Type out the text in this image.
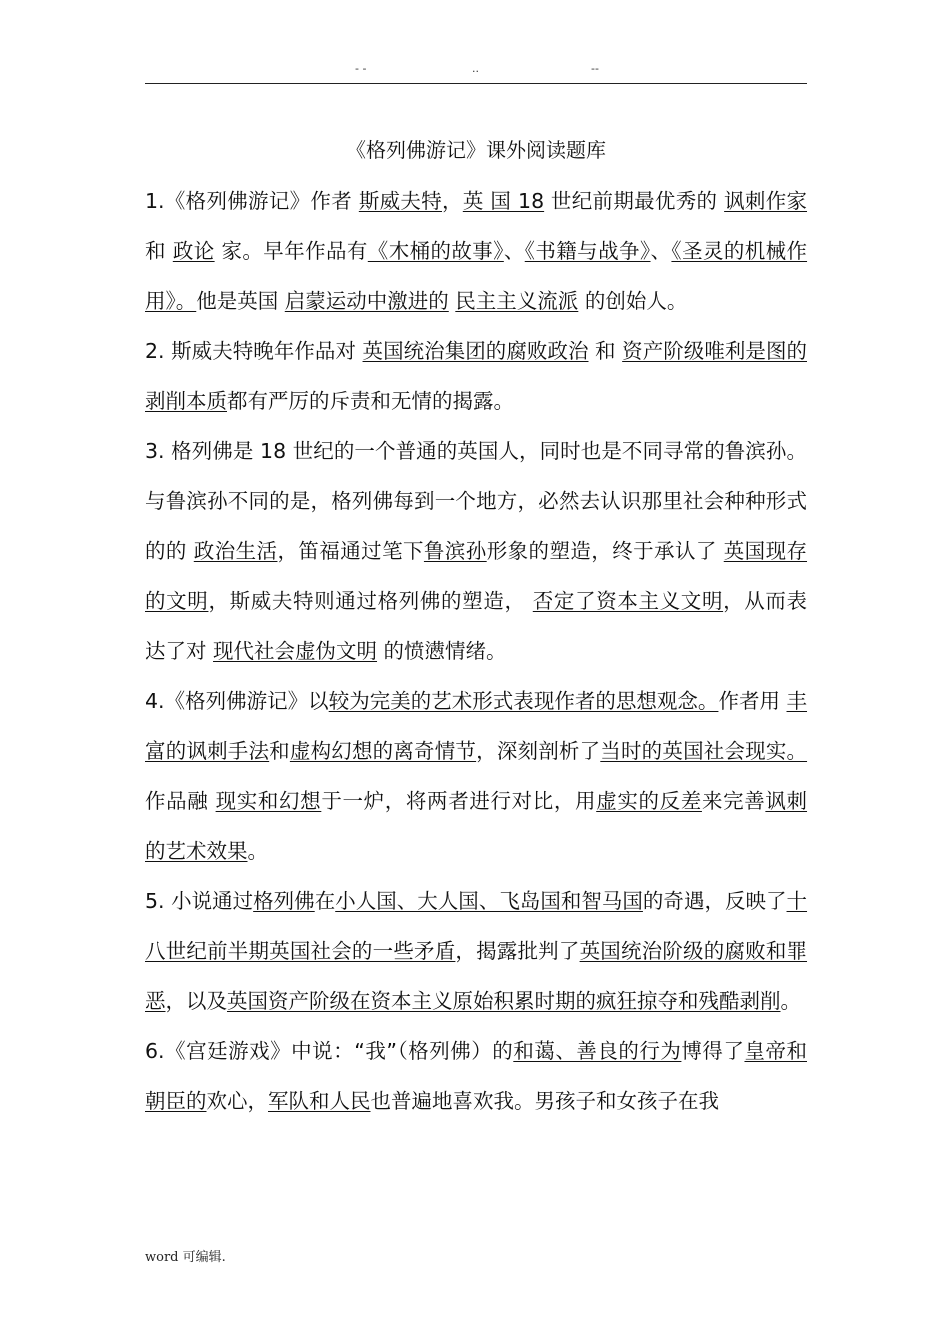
- -	..	--
《格列佛游记》课外阅读题库

1.《格列佛游记》作者 斯威夫特，英 国 18 世纪前期最优秀的 讽刺作家 和 政论 家。早年作品有《木桶的故事》、《书籍与战争》、《圣灵的机械作用》。他是英国 启蒙运动中激进的 民主主义流派 的创始人。

2. 斯威夫特晚年作品对 英国统治集团的腐败政治 和 资产阶级唯利是图的剥削本质都有严厉的斥责和无情的揭露。

3. 格列佛是 18 世纪的一个普通的英国人，同时也是不同寻常的鲁滨孙。与鲁滨孙不同的是，格列佛每到一个地方，必然去认识那里社会种种形式的的 政治生活，笛福通过笔下鲁滨孙形象的塑造，终于承认了 英国现存的文明，斯威夫特则通过格列佛的塑造， 否定了资本主义文明，从而表达了对 现代社会虚伪文明 的愤懑情绪。

4.《格列佛游记》以较为完美的艺术形式表现作者的思想观念。作者用 丰富的讽刺手法和虚构幻想的离奇情节，深刻剖析了当时的英国社会现实。作品融 现实和幻想于一炉，将两者进行对比，用虚实的反差来完善讽刺的艺术效果。

5. 小说通过格列佛在小人国、大人国、飞岛国和智马国的奇遇，反映了十八世纪前半期英国社会的一些矛盾，揭露批判了英国统治阶级的腐败和罪恶，以及英国资产阶级在资本主义原始积累时期的疯狂掠夺和残酷剥削。

6.《宫廷游戏》中说：“我”（格列佛）的和蔼、善良的行为博得了皇帝和朝臣的欢心，军队和人民也普遍地喜欢我。男孩子和女孩子在我

word 可编辑.
